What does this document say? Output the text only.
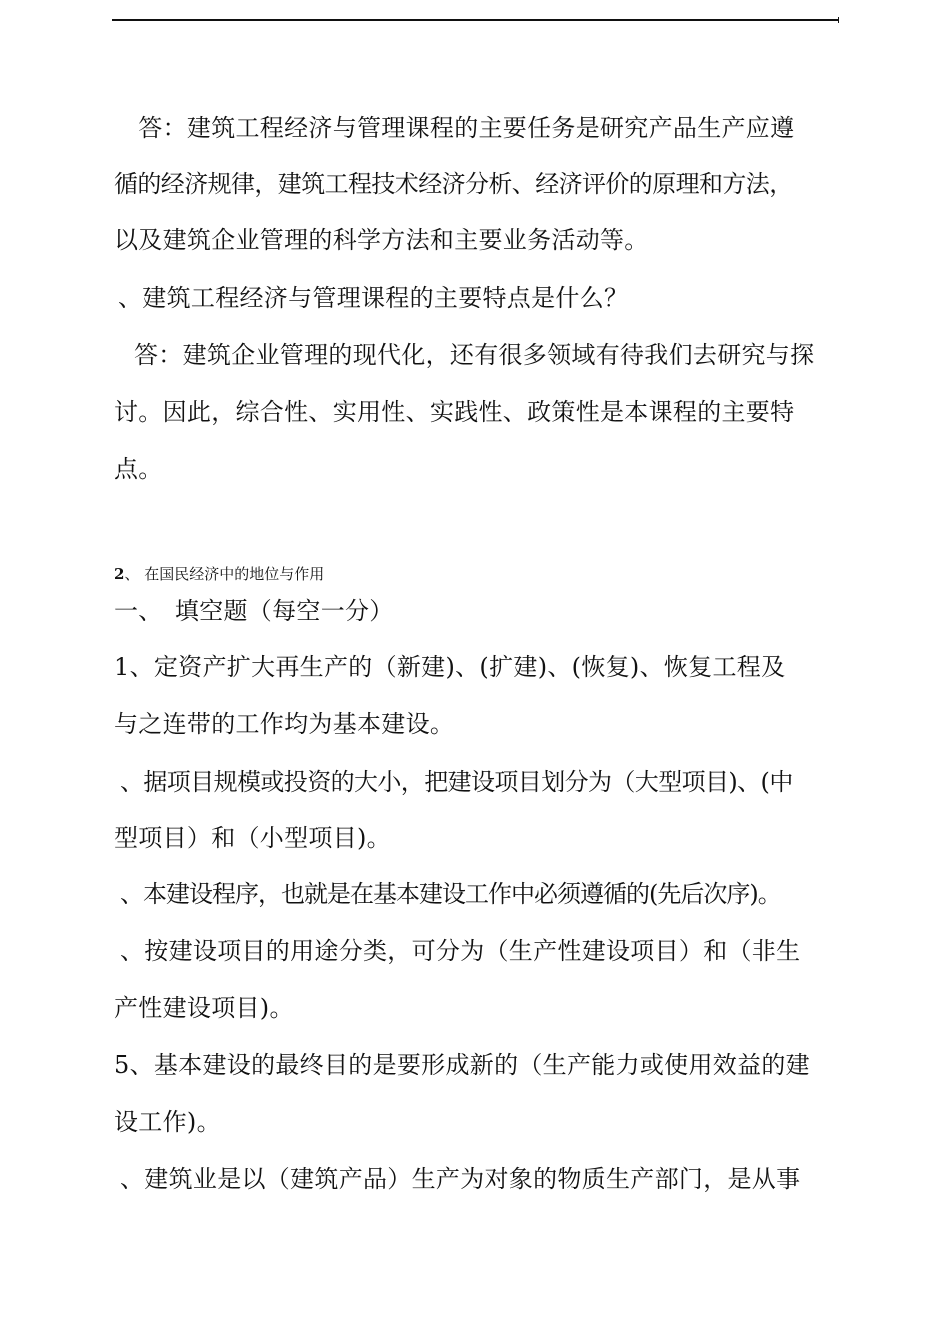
　答：建筑工程经济与管理课程的主要任务是研究产品生产应遵
循的经济规律，建筑工程技术经济分析、经济评价的原理和方法，
以及建筑企业管理的科学方法和主要业务活动等。
、建筑工程经济与管理课程的主要特点是什么？
答：建筑企业管理的现代化，还有很多领域有待我们去研究与探
讨。因此，综合性、实用性、实践性、政策性是本课程的主要特
点。
2、 在国民经济中的地位与作用
一、　填空题（每空一分）
1、定资产扩大再生产的（新建)、(扩建)、(恢复)、恢复工程及
与之连带的工作均为基本建设。
、据项目规模或投资的大小，把建设项目划分为（大型项目)、(中
型项目）和（小型项目)。
、本建设程序，也就是在基本建设工作中必须遵循的(先后次序)。
、按建设项目的用途分类，可分为（生产性建设项目）和（非生
产性建设项目)。
5、基本建设的最终目的是要形成新的（生产能力或使用效益的建
设工作)。
、建筑业是以（建筑产品）生产为对象的物质生产部门，是从事
